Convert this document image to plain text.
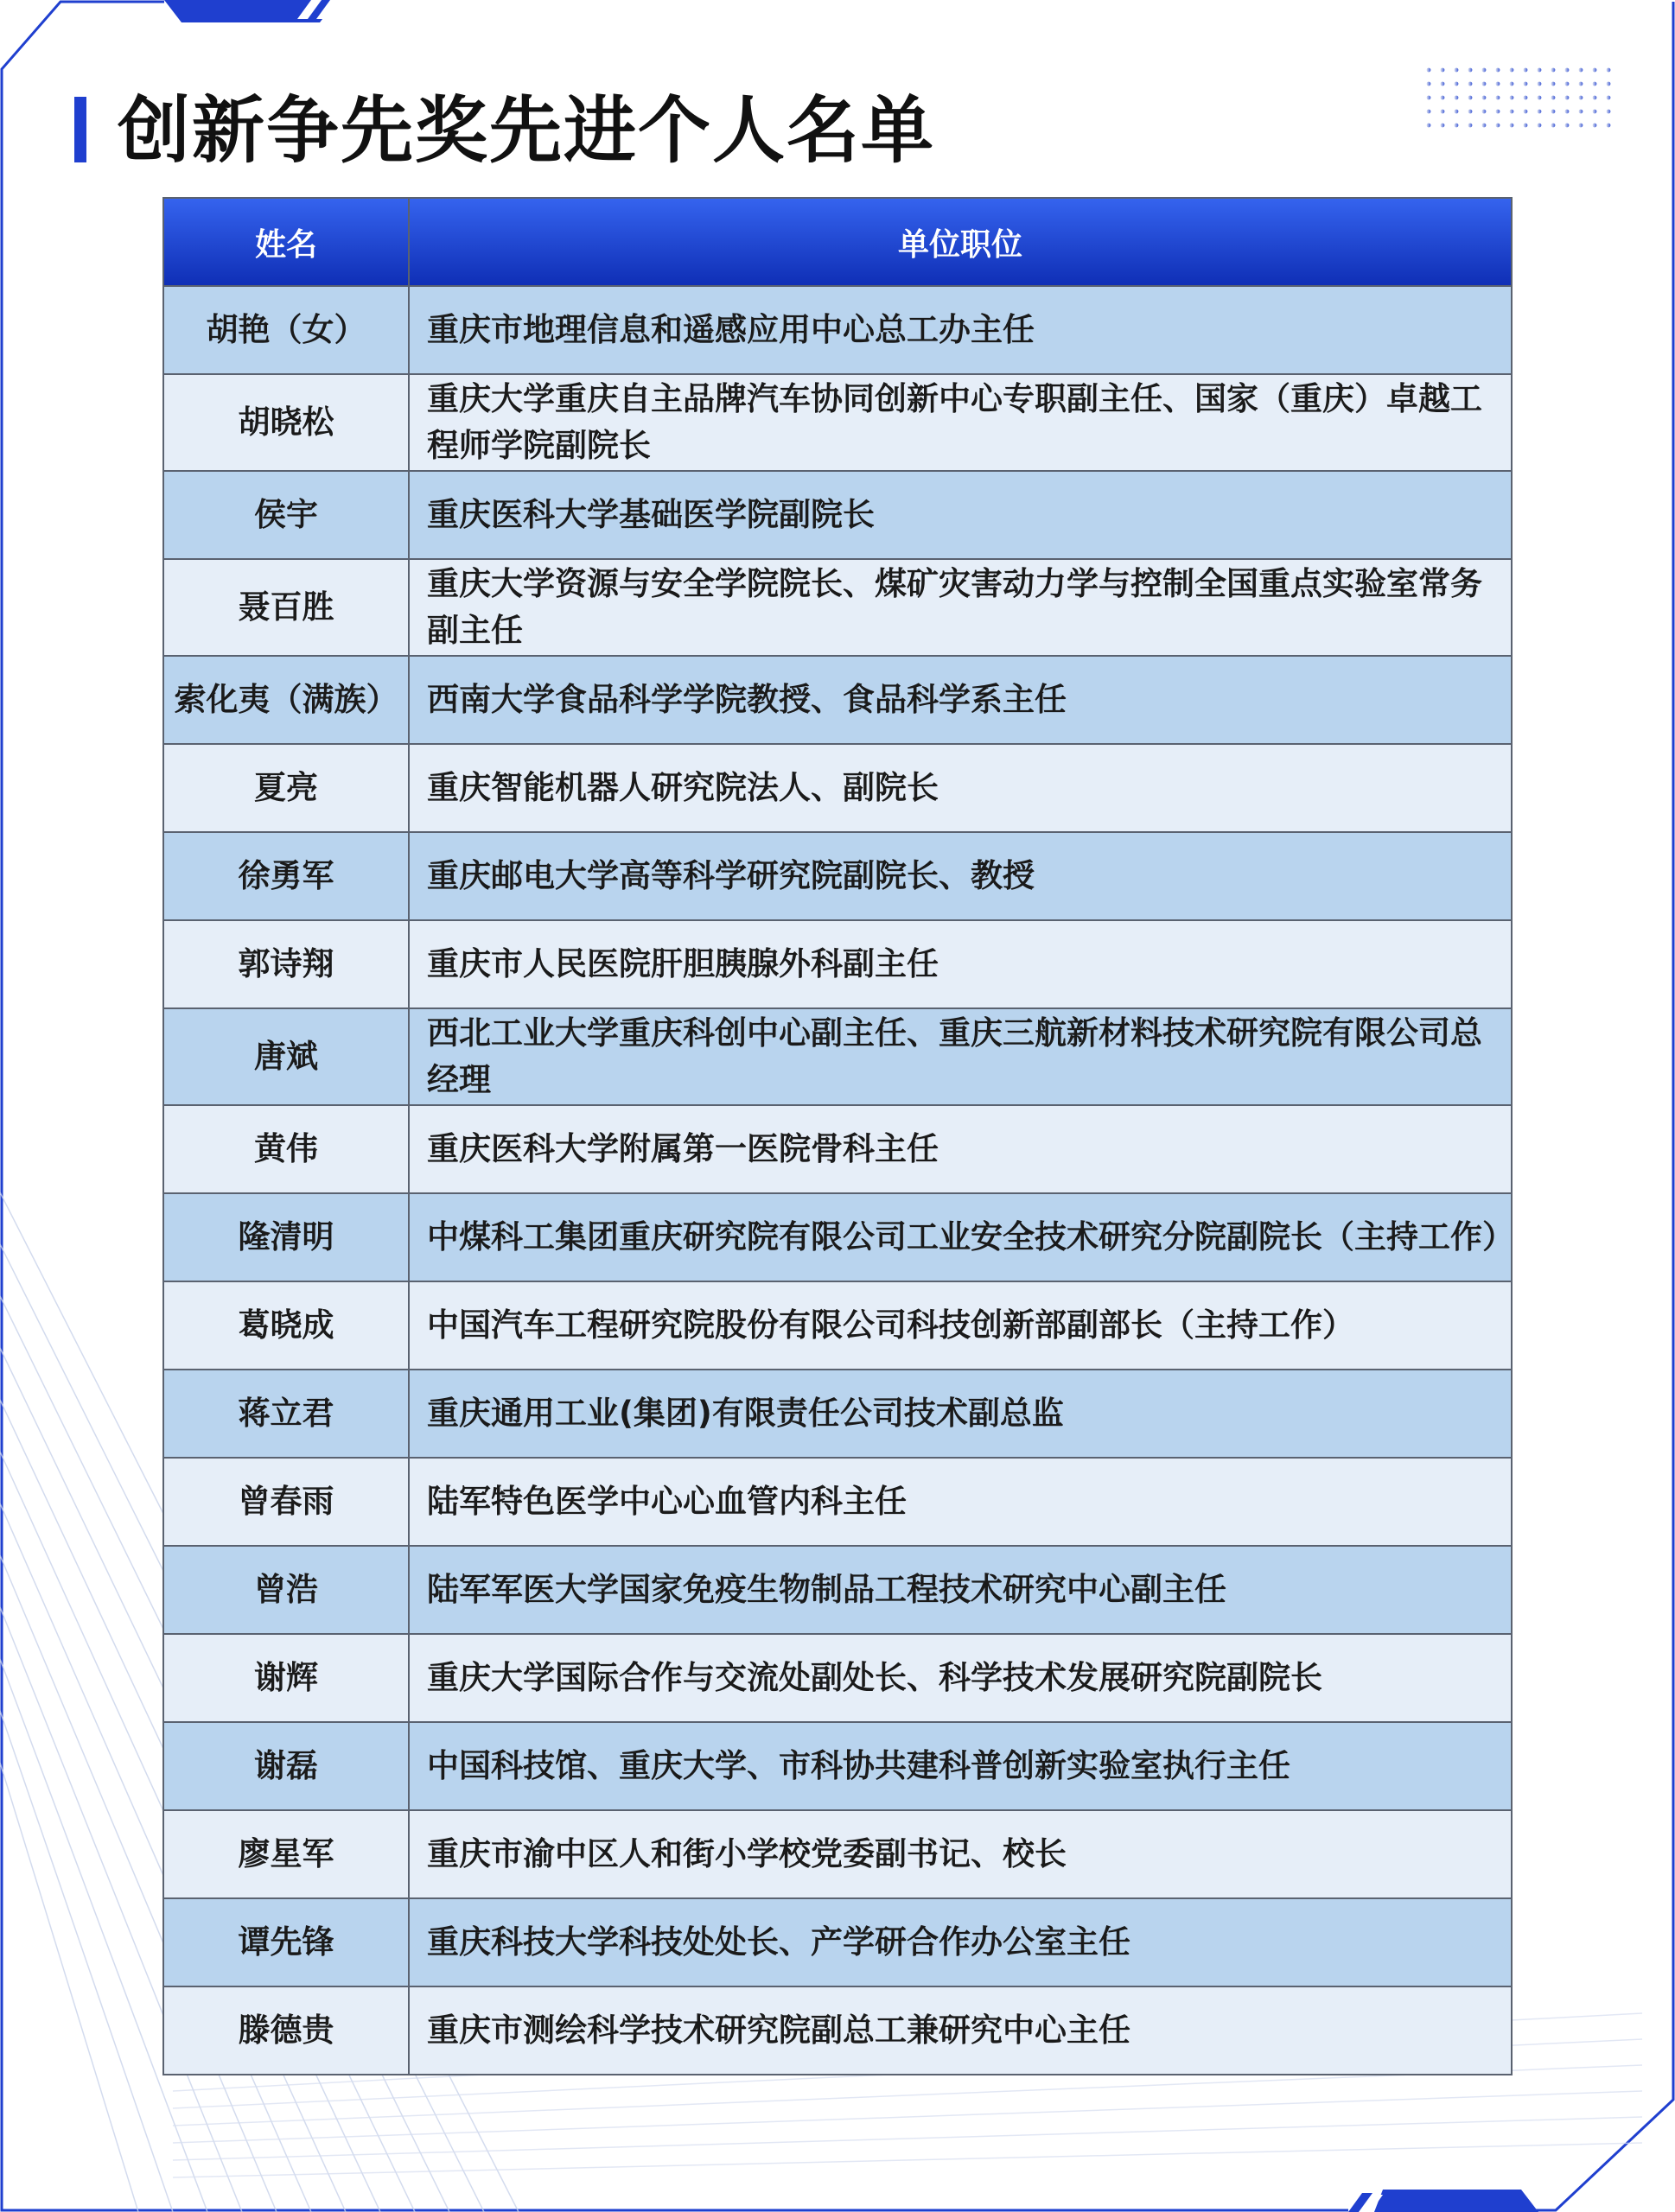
创新争先奖先进个人名单
姓名	单位职位
胡艳（女）	重庆市地理信息和遥感应用中心总工办主任
胡晓松	重庆大学重庆自主品牌汽车协同创新中心专职副主任、国家（重庆）卓越工程师学院副院长
侯宇	重庆医科大学基础医学院副院长
聂百胜	重庆大学资源与安全学院院长、煤矿灾害动力学与控制全国重点实验室常务副主任
索化夷（满族）	西南大学食品科学学院教授、食品科学系主任
夏亮	重庆智能机器人研究院法人、副院长
徐勇军	重庆邮电大学高等科学研究院副院长、教授
郭诗翔	重庆市人民医院肝胆胰腺外科副主任
唐斌	西北工业大学重庆科创中心副主任、重庆三航新材料技术研究院有限公司总经理
黄伟	重庆医科大学附属第一医院骨科主任
隆清明	中煤科工集团重庆研究院有限公司工业安全技术研究分院副院长（主持工作）
葛晓成	中国汽车工程研究院股份有限公司科技创新部副部长（主持工作）
蒋立君	重庆通用工业(集团)有限责任公司技术副总监
曾春雨	陆军特色医学中心心血管内科主任
曾浩	陆军军医大学国家免疫生物制品工程技术研究中心副主任
谢辉	重庆大学国际合作与交流处副处长、科学技术发展研究院副院长
谢磊	中国科技馆、重庆大学、市科协共建科普创新实验室执行主任
廖星军	重庆市渝中区人和街小学校党委副书记、校长
谭先锋	重庆科技大学科技处处长、产学研合作办公室主任
滕德贵	重庆市测绘科学技术研究院副总工兼研究中心主任
